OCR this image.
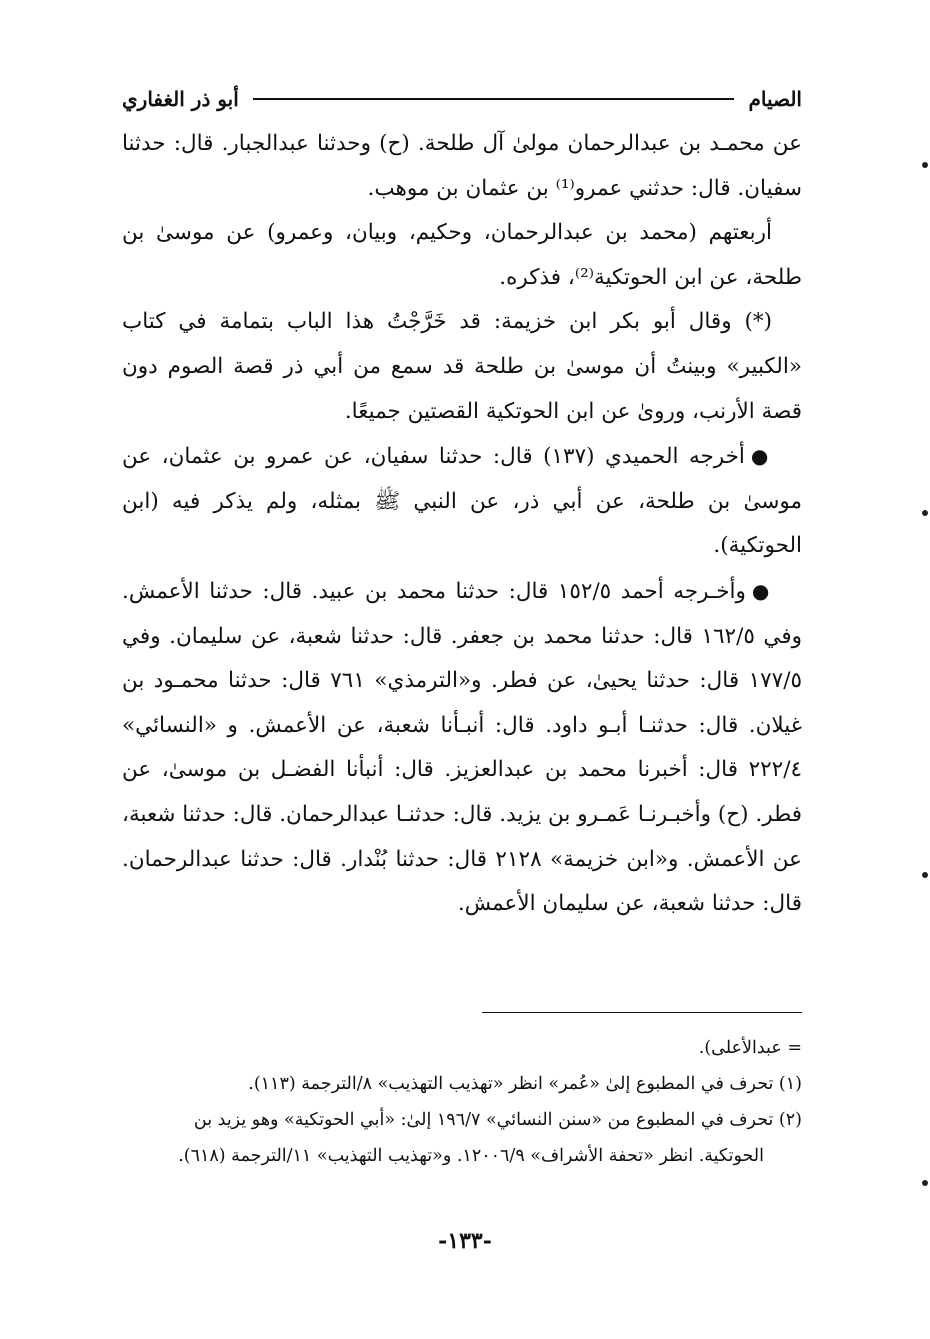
الصيام
أبو ذر الغفاري

عن محمـد بن عبدالرحمان مولىٰ آل طلحة. (ح) وحدثنا عبدالجبار. قال: حدثنا سفيان. قال: حدثني عمرو⁽¹⁾ بن عثمان بن موهب.

أربعتهم (محمد بن عبدالرحمان، وحكيم، وبيان، وعمرو) عن موسىٰ بن طلحة، عن ابن الحوتكية⁽²⁾، فذكره.

(*) وقال أبو بكر ابن خزيمة: قد خَرَّجْتُ هذا الباب بتمامة في كتاب «الكبير» وبينتُ أن موسىٰ بن طلحة قد سمع من أبي ذر قصة الصوم دون قصة الأرنب، وروىٰ عن ابن الحوتكية القصتين جميعًا.

●أخرجه الحميدي (١٣٧) قال: حدثنا سفيان، عن عمرو بن عثمان، عن موسىٰ بن طلحة، عن أبي ذر، عن النبي ﷺ بمثله، ولم يذكر فيه (ابن الحوتكية).

●وأخـرجه أحمد ١٥٢/٥ قال: حدثنا محمد بن عبيد. قال: حدثنا الأعمش. وفي ١٦٢/٥ قال: حدثنا محمد بن جعفر. قال: حدثنا شعبة، عن سليمان. وفي ١٧٧/٥ قال: حدثنا يحيىٰ، عن فطر. و«الترمذي» ٧٦١ قال: حدثنا محمـود بن غيلان. قال: حدثنـا أبـو داود. قال: أنبـأنا شعبة، عن الأعمش. و «النسائي» ٢٢٢/٤ قال: أخبرنا محمد بن عبدالعزيز. قال: أنبأنا الفضـل بن موسىٰ، عن فطر. (ح) وأخبـرنـا عَمـرو بن يزيد. قال: حدثنـا عبدالرحمان. قال: حدثنا شعبة، عن الأعمش. و«ابن خزيمة» ٢١٢٨ قال: حدثنا بُنْدار. قال: حدثنا عبدالرحمان. قال: حدثنا شعبة، عن سليمان الأعمش.

= عبدالأعلى).

(١) تحرف في المطبوع إلىٰ «عُمر» انظر «تهذيب التهذيب» ٨/الترجمة (١١٣).

(٢) تحرف في المطبوع من «سنن النسائي» ١٩٦/٧ إلىٰ: «أبي الحوتكية» وهو يزيد بن

الحوتكية. انظر «تحفة الأشراف» ١٢٠٠٦/٩. و«تهذيب التهذيب» ١١/الترجمة (٦١٨).

-١٣٣-
